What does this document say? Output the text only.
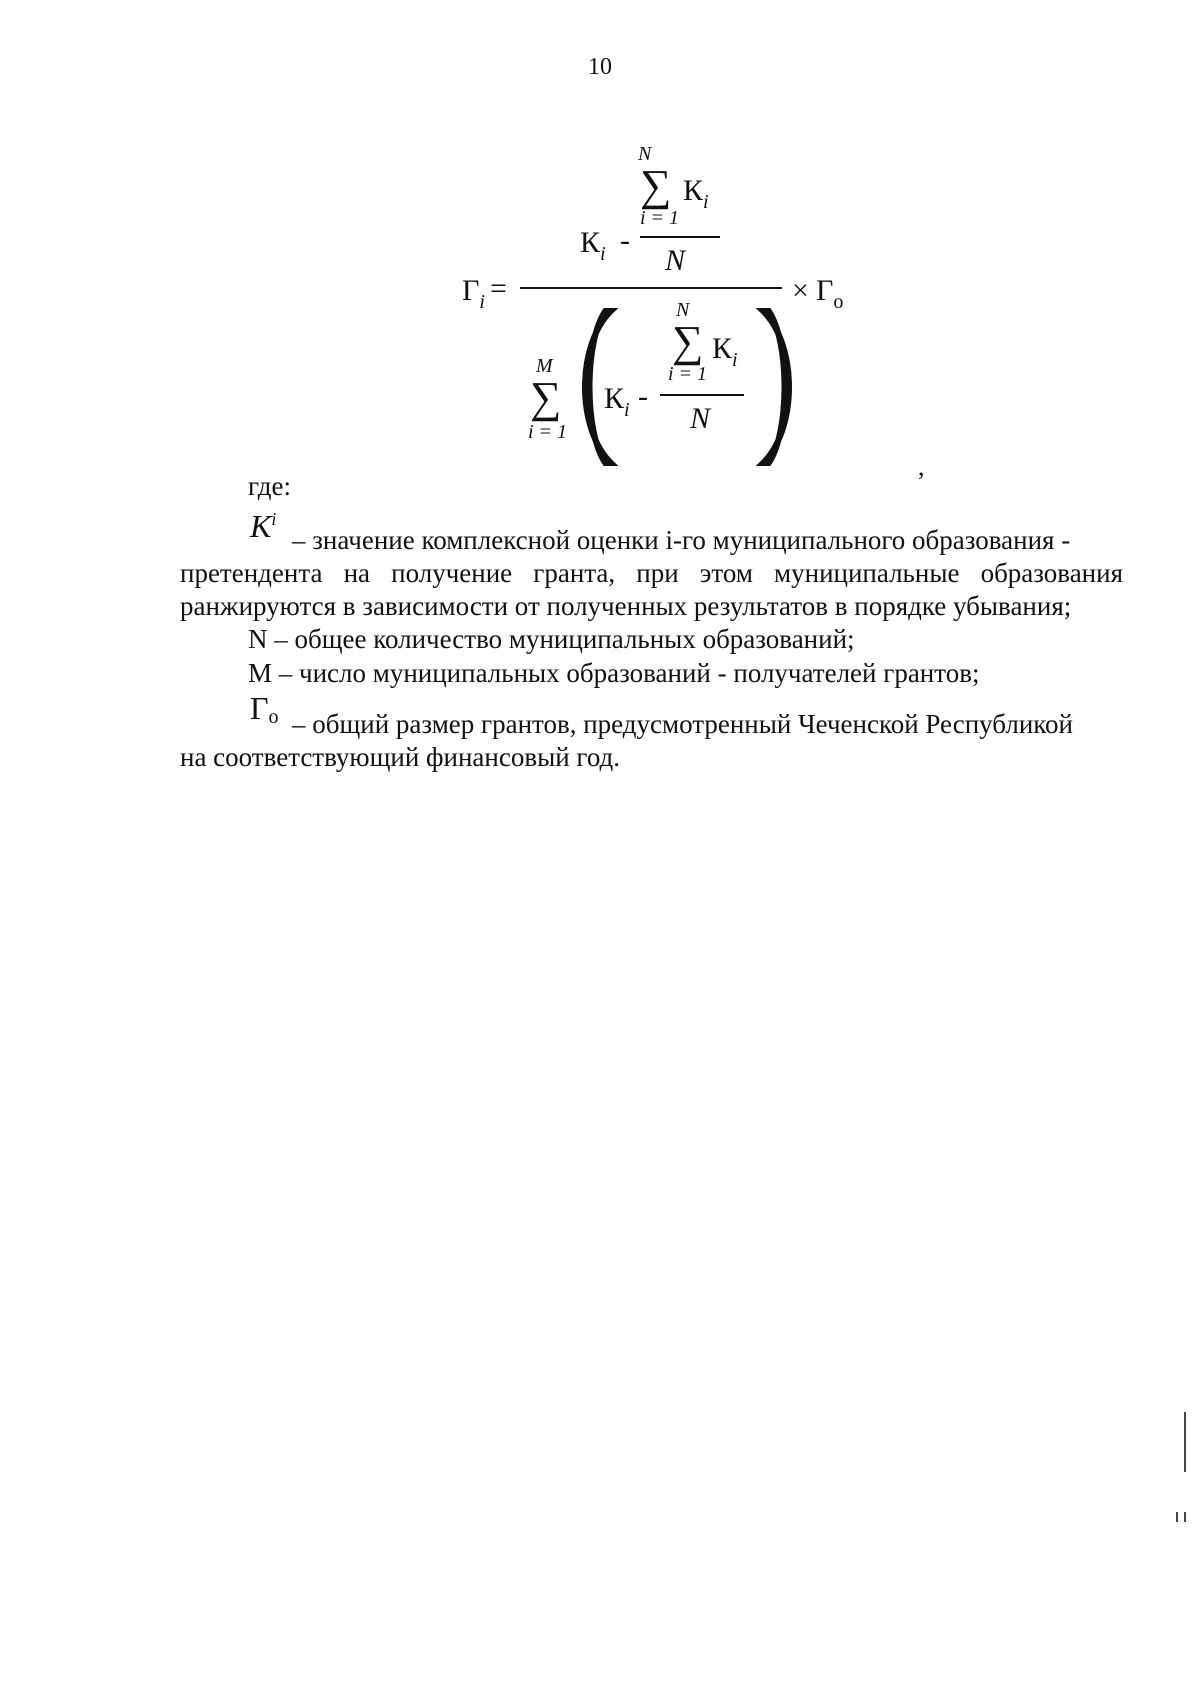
10
N
∑ $К_i$
i = 1
$К_i$ -
N
$\Gamma_i$ =	× $\Gamma_о$
M
∑
i = 1
N
∑ $К_i$
i = 1
$К_i$ -
N
,
где:
$K^i$
– значение комплексной оценки i-го муниципального образования -
претендента на получение гранта, при этом муниципальные образования ранжируются в зависимости от полученных результатов в порядке убывания;
N – общее количество муниципальных образований;
M – число муниципальных образований - получателей грантов;
Го – общий размер грантов, предусмотренный Чеченской Республикой
на соответствующий финансовый год.
